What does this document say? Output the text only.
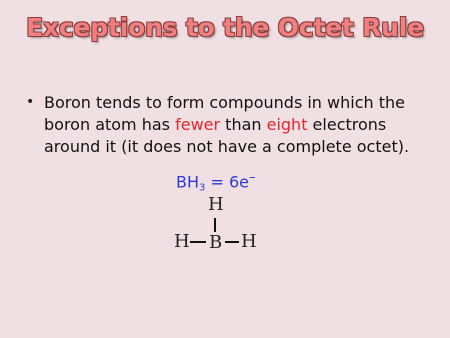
Exceptions to the Octet Rule
• Boron tends to form compounds in which the boron atom has fewer than eight electrons around it (it does not have a complete octet).
$BH_3 = 6e^-$
H
H B H
